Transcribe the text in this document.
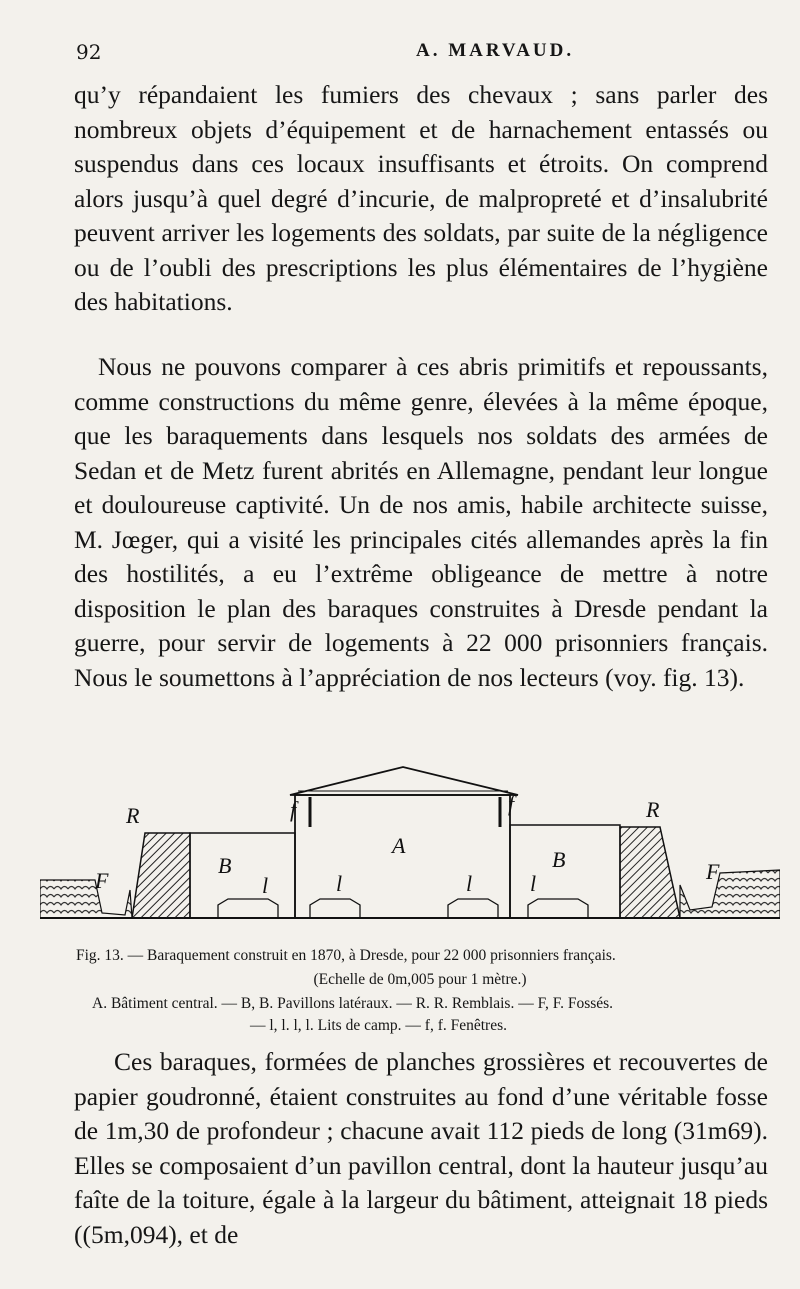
92	A. MARVAUD.

qu’y répandaient les fumiers des chevaux ; sans parler des nombreux objets d’équipement et de harnachement entassés ou suspendus dans ces locaux insuffisants et étroits. On comprend alors jusqu’à quel degré d’incurie, de malpropreté et d’insalubrité peuvent arriver les logements des soldats, par suite de la négligence ou de l’oubli des prescriptions les plus élémentaires de l’hygiène des habitations.

Nous ne pouvons comparer à ces abris primitifs et repoussants, comme constructions du même genre, élevées à la même époque, que les baraquements dans lesquels nos soldats des armées de Sedan et de Metz furent abrités en Allemagne, pendant leur longue et douloureuse captivité. Un de nos amis, habile architecte suisse, M. Jœger, qui a visité les principales cités allemandes après la fin des hostilités, a eu l’extrême obligeance de mettre à notre disposition le plan des baraques construites à Dresde pendant la guerre, pour servir de logements à 22 000 prisonniers français. Nous le soumettons à l’appréciation de nos lecteurs (voy. fig. 13).

R	R
F	F
B	B
A
f	f
l	l	l	l

Fig. 13. — Baraquement construit en 1870, à Dresde, pour 22 000 prisonniers français.

(Echelle de 0m,005 pour 1 mètre.)

A. Bâtiment central. — B, B. Pavillons latéraux. — R. R. Remblais. — F, F. Fossés.

— l, l. l, l. Lits de camp. — f, f. Fenêtres.

Ces baraques, formées de planches grossières et recouvertes de papier goudronné, étaient construites au fond d’une véritable fosse de 1m,30 de profondeur ; chacune avait 112 pieds de long (31m69). Elles se composaient d’un pavillon central, dont la hauteur jusqu’au faîte de la toiture, égale à la largeur du bâtiment, atteignait 18 pieds ((5m,094), et de
